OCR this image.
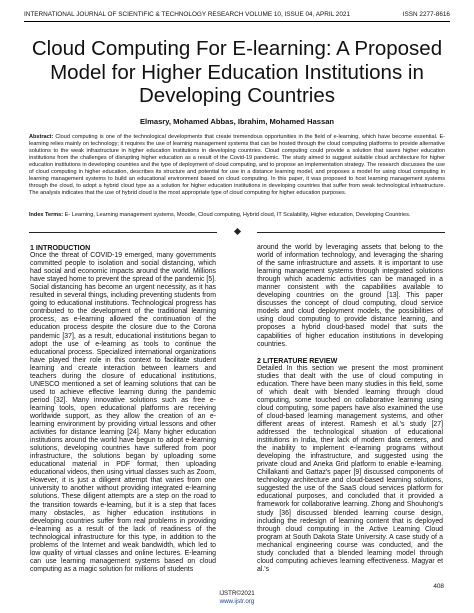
INTERNATIONAL JOURNAL OF SCIENTIFIC & TECHNOLOGY RESEARCH VOLUME 10, ISSUE 04, APRIL 2021	ISSN 2277-8616
Cloud Computing For E-learning: A Proposed Model for Higher Education Institutions in Developing Countries
Elmasry, Mohamed Abbas, Ibrahim, Mohamed Hassan
Abstract: Cloud computing is one of the technological developments that create tremendous opportunities in the field of e-learning, which have become essential. E-learning relies mainly on technology; it requires the use of learning management systems that can be hosted through the cloud computing platforms to provide alternative solutions to the weak infrastructure in higher education institutions in developing countries. Cloud computing could provide a solution that saves higher education institutions from the challenges of disrupting higher education as a result of the Covid-19 pandemic. The study aimed to suggest suitable cloud architecture for higher education institutions in developing countries and the type of deployment of cloud computing, and to propose an implementation strategy. The research discusses the use of cloud computing in higher education, describes its structure and potential for use in a distance learning model, and proposes a model for using cloud computing in learning management systems to build an educational environment based on cloud computing. In this paper, it was proposed to host learning management systems through the cloud, to adopt a hybrid cloud type as a solution for higher education institutions in developing countries that suffer from weak technological infrastructure. The analysis indicates that the use of hybrid cloud is the most appropriate type of cloud computing for higher education purposes.
Index Terms: E- Learning, Learning management systems, Moodle, Cloud computing, Hybrid cloud, IT Scalability, Higher education, Developing Countries.
1 INTRODUCTION

Once the threat of COVID-19 emerged, many governments committed people to isolation and social distancing, which had social and economic impacts around the world. Millions have stayed home to prevent the spread of the pandemic [5]. Social distancing has become an urgent necessity, as it has resulted in several things, including preventing students from going to educational institutions. Technological progress has contributed to the development of the traditional learning process, as e-learning allowed the continuation of the education process despite the closure due to the Corona pandemic [37], as a result, educational institutions began to adopt the use of e-learning as tools to continue the educational process. Specialized international organizations have played their role in this context to facilitate student learning and create interaction between learners and teachers during the closure of educational institutions, UNESCO mentioned a set of learning solutions that can be used to achieve effective learning during the pandemic period [32]. Many innovative solutions such as free e-learning tools, open educational platforms are receiving worldwide support, as they allow the creation of an e-learning environment by providing virtual lessons and other activities for distance learning [24]. Many higher education institutions around the world have begun to adopt e-learning solutions, developing countries have suffered from poor infrastructure, the solutions began by uploading some educational material in PDF format, then uploading educational videos, then using virtual classes such as Zoom, However, it is just a diligent attempt that varies from one university to another without providing integrated e-learning solutions. These diligent attempts are a step on the road to the transition towards e-learning, but it is a step that faces many obstacles, as higher education institutions in developing countries suffer from real problems in providing e-learning as a result of the lack of readiness of the technological infrastructure for this type, in addition to the problems of the Internet and weak bandwidth, which led to low quality of virtual classes and online lectures. E-learning can use learning management systems based on cloud computing as a magic solution for millions of students

around the world by leveraging assets that belong to the world of information technology, and leveraging the sharing of the same infrastructure and assets. It is important to use learning management systems through integrated solutions through which academic activities can be managed in a manner consistent with the capabilities available to developing countries on the ground [13]. This paper discusses the concept of cloud computing, cloud service models and cloud deployment models, the possibilities of using cloud computing to provide distance learning, and proposes a hybrid cloud-based model that suits the capabilities of higher education institutions in developing countries.

2 LITERATURE REVIEW

Detailed In this section we present the most prominent studies that dealt with the use of cloud computing in education. There have been many studies in this field, some of which dealt with blended learning through cloud computing, some touched on collaborative learning using cloud computing, some papers have also examined the use of cloud-based learning management systems, and other different areas of interest. Ramesh et al.'s study [27] addressed the technological situation of educational institutions in India, their lack of modern data centers, and the inability to implement e-learning programs without developing the infrastructure, and suggested using the private cloud and Aneka Grid platform to enable e-learning. Chillakanti and Gattaz's paper [9] discussed components of technology architecture and cloud-based learning solutions, suggested the use of the SaaS cloud services platform for educational purposes, and concluded that it provided a framework for collaborative learning. Zhong and Shouhong's study [36] discussed blended learning course design, including the redesign of learning content that is deployed through cloud computing in the Active Learning Cloud program at South Dakota State University. A case study of a mechanical engineering course was conducted, and the study concluded that a blended learning model through cloud computing achieves learning effectiveness. Magyar et al.'s

408
IJSTR©2021
www.ijstr.org
